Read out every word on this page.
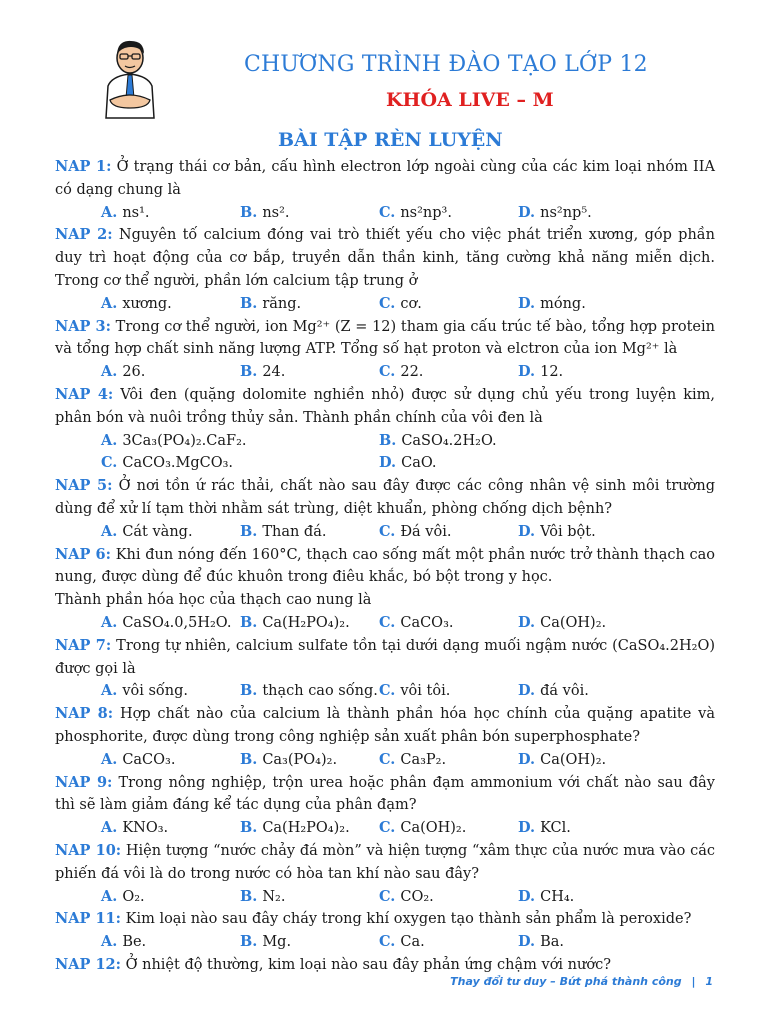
CHƯƠNG TRÌNH ĐÀO TẠO LỚP 12
KHÓA LIVE – M
BÀI TẬP RÈN LUYỆN

NAP 1: Ở trạng thái cơ bản, cấu hình electron lớp ngoài cùng của các kim loại nhóm IIA có dạng chung là

A. ns¹.	B. ns².	C. ns²np³.	D. ns²np⁵.

NAP 2: Nguyên tố calcium đóng vai trò thiết yếu cho việc phát triển xương, góp phần duy trì hoạt động của cơ bắp, truyền dẫn thần kinh, tăng cường khả năng miễn dịch. Trong cơ thể người, phần lớn calcium tập trung ở

A. xương.	B. răng.	C. cơ.	D. móng.

NAP 3: Trong cơ thể người, ion Mg²⁺ (Z = 12) tham gia cấu trúc tế bào, tổng hợp protein và tổng hợp chất sinh năng lượng ATP. Tổng số hạt proton và elctron của ion Mg²⁺ là

A. 26.	B. 24.	C. 22.	D. 12.

NAP 4: Vôi đen (quặng dolomite nghiền nhỏ) được sử dụng chủ yếu trong luyện kim, phân bón và nuôi trồng thủy sản. Thành phần chính của vôi đen là

A. 3Ca₃(PO₄)₂.CaF₂.	B. CaSO₄.2H₂O.
C. CaCO₃.MgCO₃.	D. CaO.

NAP 5: Ở nơi tồn ứ rác thải, chất nào sau đây được các công nhân vệ sinh môi trường dùng để xử lí tạm thời nhằm sát trùng, diệt khuẩn, phòng chống dịch bệnh?

A. Cát vàng.	B. Than đá.	C. Đá vôi.	D. Vôi bột.

NAP 6: Khi đun nóng đến 160°C, thạch cao sống mất một phần nước trở thành thạch cao nung, được dùng để đúc khuôn trong điêu khắc, bó bột trong y học.

Thành phần hóa học của thạch cao nung là

A. CaSO₄.0,5H₂O. B. Ca(H₂PO₄)₂.	C. CaCO₃.	D. Ca(OH)₂.

NAP 7: Trong tự nhiên, calcium sulfate tồn tại dưới dạng muối ngậm nước (CaSO₄.2H₂O) được gọi là

A. vôi sống.	B. thạch cao sống. C. vôi tôi.	D. đá vôi.

NAP 8: Hợp chất nào của calcium là thành phần hóa học chính của quặng apatite và phosphorite, được dùng trong công nghiệp sản xuất phân bón superphosphate?

A. CaCO₃.	B. Ca₃(PO₄)₂.	C. Ca₃P₂.	D. Ca(OH)₂.

NAP 9: Trong nông nghiệp, trộn urea hoặc phân đạm ammonium với chất nào sau đây thì sẽ làm giảm đáng kể tác dụng của phân đạm?

A. KNO₃.	B. Ca(H₂PO₄)₂.	C. Ca(OH)₂.	D. KCl.

NAP 10: Hiện tượng “nước chảy đá mòn” và hiện tượng “xâm thực của nước mưa vào các phiến đá vôi là do trong nước có hòa tan khí nào sau đây?

A. O₂.	B. N₂.	C. CO₂.	D. CH₄.

NAP 11: Kim loại nào sau đây cháy trong khí oxygen tạo thành sản phẩm là peroxide?

A. Be.	B. Mg.	C. Ca.	D. Ba.

NAP 12: Ở nhiệt độ thường, kim loại nào sau đây phản ứng chậm với nước?

Thay đổi tư duy – Bứt phá thành công | 1
